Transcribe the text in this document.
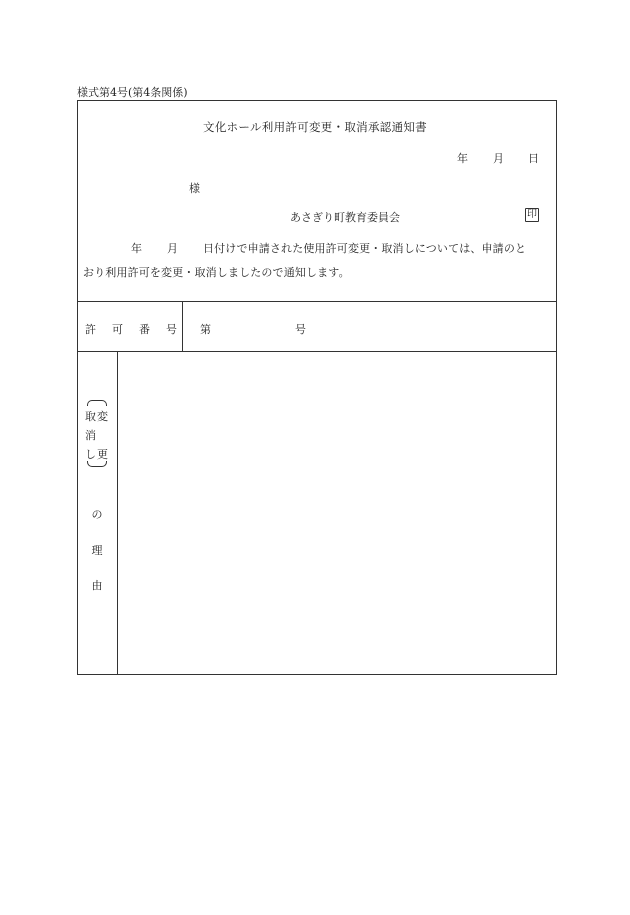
様式第4号(第4条関係)
文化ホール利用許可変更・取消承認通知書
年 月 日
様
あさぎり町教育委員会	印
年 月 日付けで申請された使用許可変更・取消しについては、申請のと
おり利用許可を変更・取消しましたので通知します。
許 可 番 号 第	号
取
消
し
変
更
の
理
由
